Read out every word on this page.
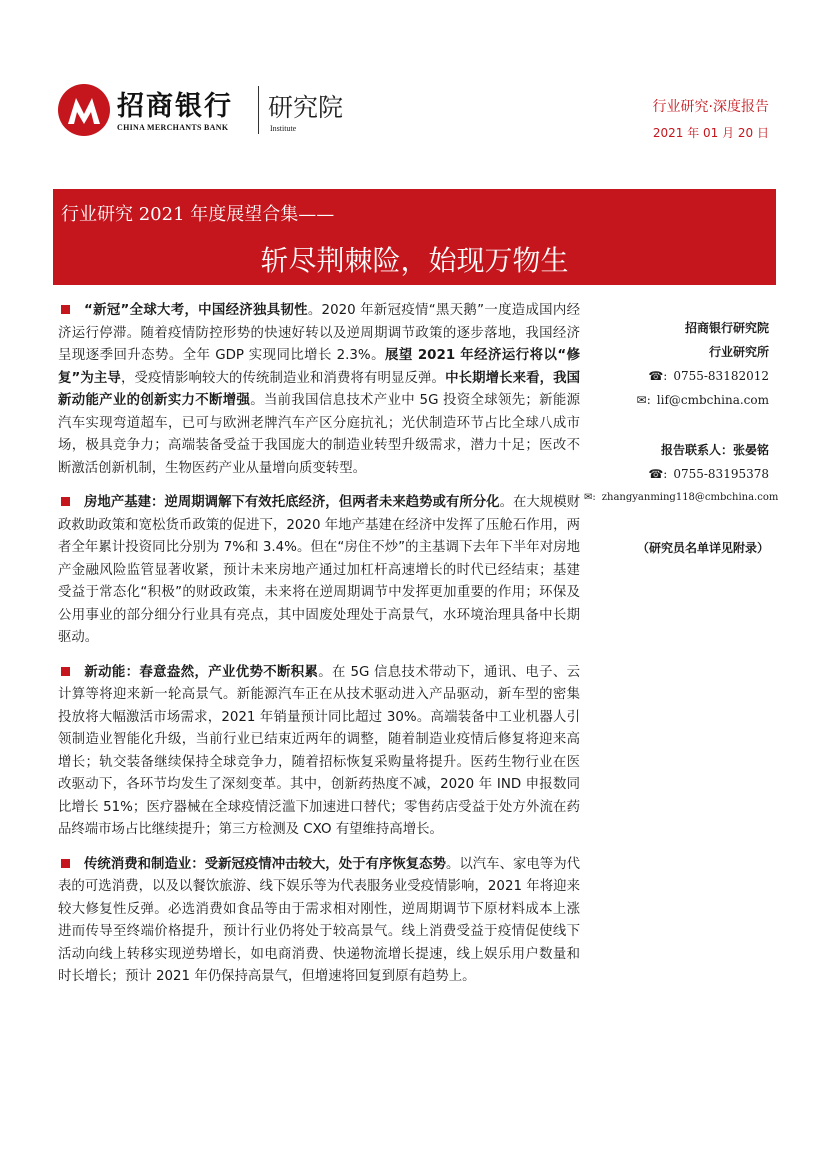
招商银行
CHINA MERCHANTS BANK
研究院
Institute
行业研究·深度报告
2021 年 01 月 20 日
行业研究 2021 年度展望合集——
斩尽荆棘险，始现万物生

“新冠”全球大考，中国经济独具韧性。2020 年新冠疫情“黑天鹅”一度造成国内经济运行停滞。随着疫情防控形势的快速好转以及逆周期调节政策的逐步落地，我国经济呈现逐季回升态势。全年 GDP 实现同比增长 2.3%。展望 2021 年经济运行将以“修复”为主导，受疫情影响较大的传统制造业和消费将有明显反弹。中长期增长来看，我国新动能产业的创新实力不断增强。当前我国信息技术产业中 5G 投资全球领先；新能源汽车实现弯道超车，已可与欧洲老牌汽车产区分庭抗礼；光伏制造环节占比全球八成市场，极具竞争力；高端装备受益于我国庞大的制造业转型升级需求，潜力十足；医改不断激活创新机制，生物医药产业从量增向质变转型。

房地产基建：逆周期调解下有效托底经济，但两者未来趋势或有所分化。在大规模财政救助政策和宽松货币政策的促进下，2020 年地产基建在经济中发挥了压舱石作用，两者全年累计投资同比分别为 7%和 3.4%。但在“房住不炒”的主基调下去年下半年对房地产金融风险监管显著收紧，预计未来房地产通过加杠杆高速增长的时代已经结束；基建受益于常态化“积极”的财政政策，未来将在逆周期调节中发挥更加重要的作用；环保及公用事业的部分细分行业具有亮点，其中固废处理处于高景气，水环境治理具备中长期驱动。

新动能：春意盎然，产业优势不断积累。在 5G 信息技术带动下，通讯、电子、云计算等将迎来新一轮高景气。新能源汽车正在从技术驱动进入产品驱动，新车型的密集投放将大幅激活市场需求，2021 年销量预计同比超过 30%。高端装备中工业机器人引领制造业智能化升级，当前行业已结束近两年的调整，随着制造业疫情后修复将迎来高增长；轨交装备继续保持全球竞争力，随着招标恢复采购量将提升。医药生物行业在医改驱动下，各环节均发生了深刻变革。其中，创新药热度不减，2020 年 IND 申报数同比增长 51%；医疗器械在全球疫情泛滥下加速进口替代；零售药店受益于处方外流在药品终端市场占比继续提升；第三方检测及 CXO 有望维持高增长。

传统消费和制造业：受新冠疫情冲击较大，处于有序恢复态势。以汽车、家电等为代表的可选消费，以及以餐饮旅游、线下娱乐等为代表服务业受疫情影响，2021 年将迎来较大修复性反弹。必选消费如食品等由于需求相对刚性，逆周期调节下原材料成本上涨进而传导至终端价格提升，预计行业仍将处于较高景气。线上消费受益于疫情促使线下活动向线上转移实现逆势增长，如电商消费、快递物流增长提速，线上娱乐用户数量和时长增长；预计 2021 年仍保持高景气，但增速将回复到原有趋势上。

招商银行研究院
行业研究所
☎: 0755-83182012
✉: lif@cmbchina.com
报告联系人：张晏铭
☎: 0755-83195378
✉: zhangyanming118@cmbchina.com
（研究员名单详见附录）
